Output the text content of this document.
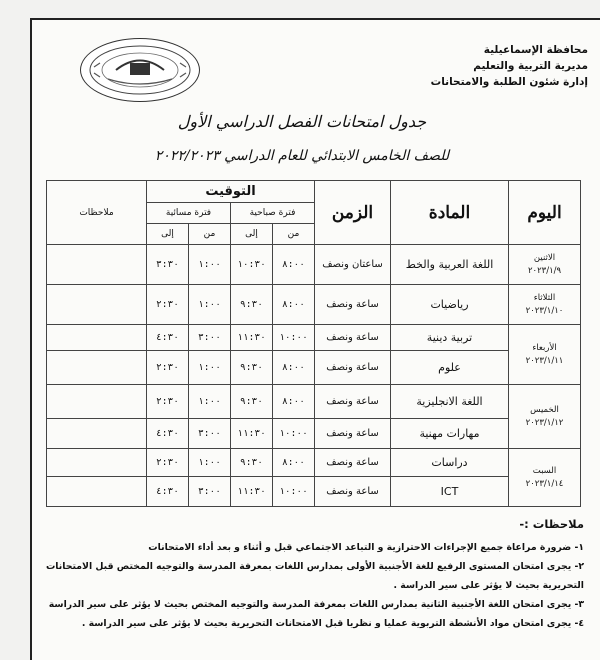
محافظة الإسماعيلية
مديرية التربية والتعليم
إدارة شئون الطلبة والامتحانات
جدول امتحانات الفصل الدراسي الأول
للصف الخامس الابتدائي للعام الدراسي ٢٠٢٢/٢٠٢٣
اليوم	المادة	الزمن	التوقيت				ملاحظات
			فترة صباحية		فترة مسائية		
			من	إلى	من	إلى	

الاثنين
٢٠٢٣/١/٩	اللغة العربية والخط	ساعتان ونصف	٨:٠٠	١٠:٣٠	١:٠٠	٣:٣٠	

الثلاثاء
٢٠٢٣/١/١٠	رياضيات	ساعة ونصف	٨:٠٠	٩:٣٠	١:٠٠	٢:٣٠	

الأربعاء
٢٠٢٣/١/١١	تربية دينية	ساعة ونصف	١٠:٠٠	١١:٣٠	٣:٠٠	٤:٣٠	
	علوم	ساعة ونصف	٨:٠٠	٩:٣٠	١:٠٠	٢:٣٠	

الخميس
٢٠٢٣/١/١٢	اللغة الانجليزية	ساعة ونصف	٨:٠٠	٩:٣٠	١:٠٠	٢:٣٠	
	مهارات مهنية	ساعة ونصف	١٠:٠٠	١١:٣٠	٣:٠٠	٤:٣٠	

السبت
٢٠٢٣/١/١٤	دراسات	ساعة ونصف	٨:٠٠	٩:٣٠	١:٠٠	٢:٣٠	
	ICT	ساعة ونصف	١٠:٠٠	١١:٣٠	٣:٠٠	٤:٣٠	
ملاحظات :-
١- ضرورة مراعاة جميع الإجراءات الاحترازية و التباعد الاجتماعي قبل و أثناء و بعد أداء الامتحانات
٢- يجرى امتحان المستوى الرفيع للغة الأجنبية الأولى بمدارس اللغات بمعرفة المدرسة والتوجيه المختص قبل الامتحانات
التحريرية بحيث لا يؤثر على سير الدراسة .
٣- يجرى امتحان اللغة الأجنبية الثانية بمدارس اللغات بمعرفة المدرسة والتوجيه المختص بحيث لا يؤثر على سير الدراسة
٤- يجرى امتحان مواد الأنشطة التربوية عمليا و نظريا قبل الامتحانات التحريرية بحيث لا يؤثر على سير الدراسة .
